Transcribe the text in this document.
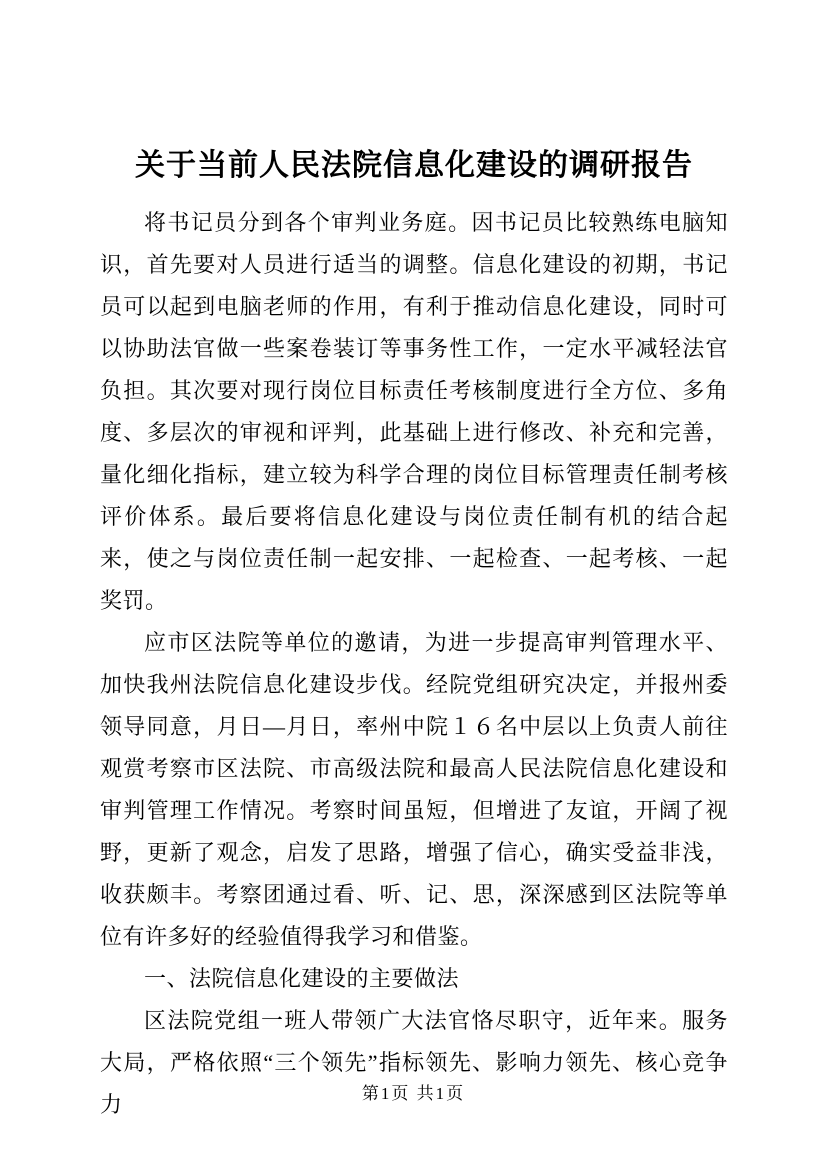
关于当前人民法院信息化建设的调研报告

将书记员分到各个审判业务庭。因书记员比较熟练电脑知识，首先要对人员进行适当的调整。信息化建设的初期，书记员可以起到电脑老师的作用，有利于推动信息化建设，同时可以协助法官做一些案卷装订等事务性工作，一定水平减轻法官负担。其次要对现行岗位目标责任考核制度进行全方位、多角度、多层次的审视和评判，此基础上进行修改、补充和完善，量化细化指标，建立较为科学合理的岗位目标管理责任制考核评价体系。最后要将信息化建设与岗位责任制有机的结合起来，使之与岗位责任制一起安排、一起检查、一起考核、一起奖罚。

应市区法院等单位的邀请，为进一步提高审判管理水平、加快我州法院信息化建设步伐。经院党组研究决定，并报州委领导同意，月日—月日，率州中院１６名中层以上负责人前往观赏考察市区法院、市高级法院和最高人民法院信息化建设和审判管理工作情况。考察时间虽短，但增进了友谊，开阔了视野，更新了观念，启发了思路，增强了信心，确实受益非浅，收获颇丰。考察团通过看、听、记、思，深深感到区法院等单位有许多好的经验值得我学习和借鉴。

一、法院信息化建设的主要做法

区法院党组一班人带领广大法官恪尽职守，近年来。服务大局，严格依照“三个领先”指标领先、影响力领先、核心竞争力	第1页 共1页
